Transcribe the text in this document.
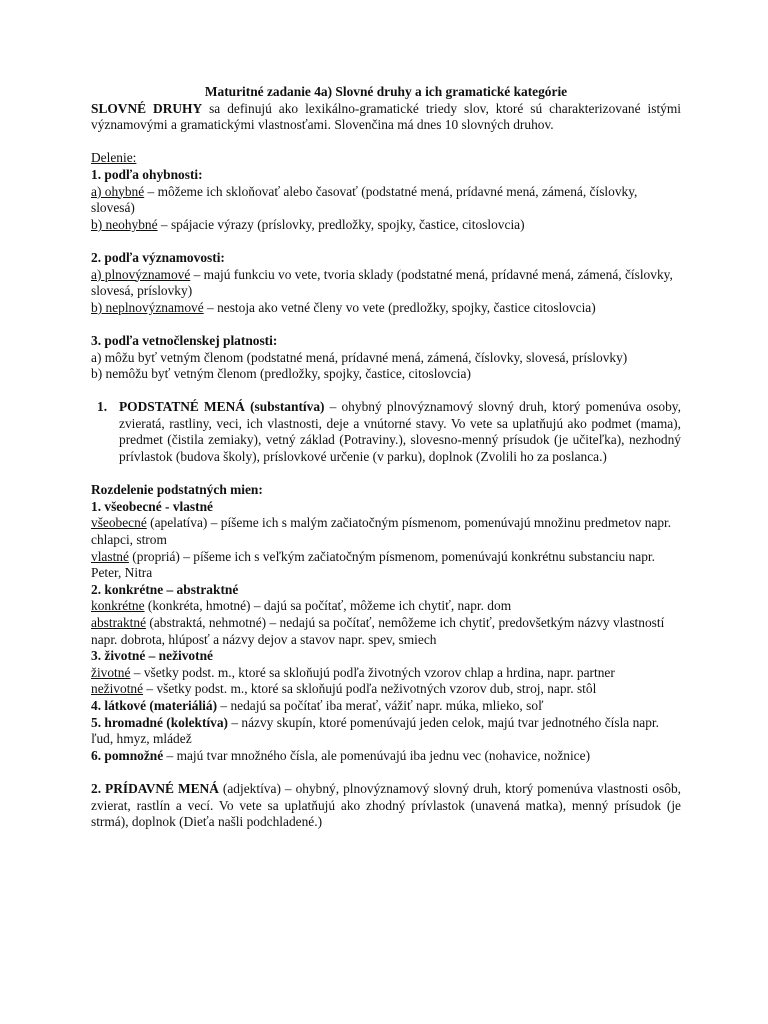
Maturitné zadanie 4a) Slovné druhy a ich gramatické kategórie

SLOVNÉ DRUHY sa definujú ako lexikálno-gramatické triedy slov, ktoré sú charakterizované istými významovými a gramatickými vlastnosťami. Slovenčina má dnes 10 slovných druhov.

Delenie:

1. podľa ohybnosti:

a) ohybné – môžeme ich skloňovať alebo časovať (podstatné mená, prídavné mená, zámená, číslovky, slovesá)

b) neohybné – spájacie výrazy (príslovky, predložky, spojky, častice, citoslovcia)

2. podľa významovosti:

a) plnovýznamové – majú funkciu vo vete, tvoria sklady (podstatné mená, prídavné mená, zámená, číslovky, slovesá, príslovky)

b) neplnovýznamové – nestoja ako vetné členy vo vete (predložky, spojky, častice citoslovcia)

3. podľa vetnočlenskej platnosti:

a) môžu byť vetným členom (podstatné mená, prídavné mená, zámená, číslovky, slovesá, príslovky)

b) nemôžu byť vetným členom (predložky, spojky, častice, citoslovcia)

1. PODSTATNÉ MENÁ (substantíva) – ohybný plnovýznamový slovný druh, ktorý pomenúva osoby, zvieratá, rastliny, veci, ich vlastnosti, deje a vnútorné stavy. Vo vete sa uplatňujú ako podmet (mama), predmet (čistila zemiaky), vetný základ (Potraviny.), slovesno-menný prísudok (je učiteľka), nezhodný prívlastok (budova školy), príslovkové určenie (v parku), doplnok (Zvolili ho za poslanca.)

Rozdelenie podstatných mien:

1. všeobecné - vlastné

všeobecné (apelatíva) – píšeme ich s malým začiatočným písmenom, pomenúvajú množinu predmetov napr. chlapci, strom

vlastné (propriá) – píšeme ich s veľkým začiatočným písmenom, pomenúvajú konkrétnu substanciu napr. Peter, Nitra

2. konkrétne – abstraktné

konkrétne (konkréta, hmotné) – dajú sa počítať, môžeme ich chytiť, napr. dom

abstraktné (abstraktá, nehmotné) – nedajú sa počítať, nemôžeme ich chytiť, predovšetkým názvy vlastností napr. dobrota, hlúposť a názvy dejov a stavov napr. spev, smiech

3. životné – neživotné

životné – všetky podst. m., ktoré sa skloňujú podľa životných vzorov chlap a hrdina, napr. partner

neživotné – všetky podst. m., ktoré sa skloňujú podľa neživotných vzorov dub, stroj, napr. stôl

4. látkové (materiáliá) – nedajú sa počítať iba merať, vážiť napr. múka, mlieko, soľ

5. hromadné (kolektíva) – názvy skupín, ktoré pomenúvajú jeden celok, majú tvar jednotného čísla napr. ľud, hmyz, mládež

6. pomnožné – majú tvar množného čísla, ale pomenúvajú iba jednu vec (nohavice, nožnice)

2. PRÍDAVNÉ MENÁ (adjektíva) – ohybný, plnovýznamový slovný druh, ktorý pomenúva vlastnosti osôb, zvierat, rastlín a vecí. Vo vete sa uplatňujú ako zhodný prívlastok (unavená matka), menný prísudok (je strmá), doplnok (Dieťa našli podchladené.)
